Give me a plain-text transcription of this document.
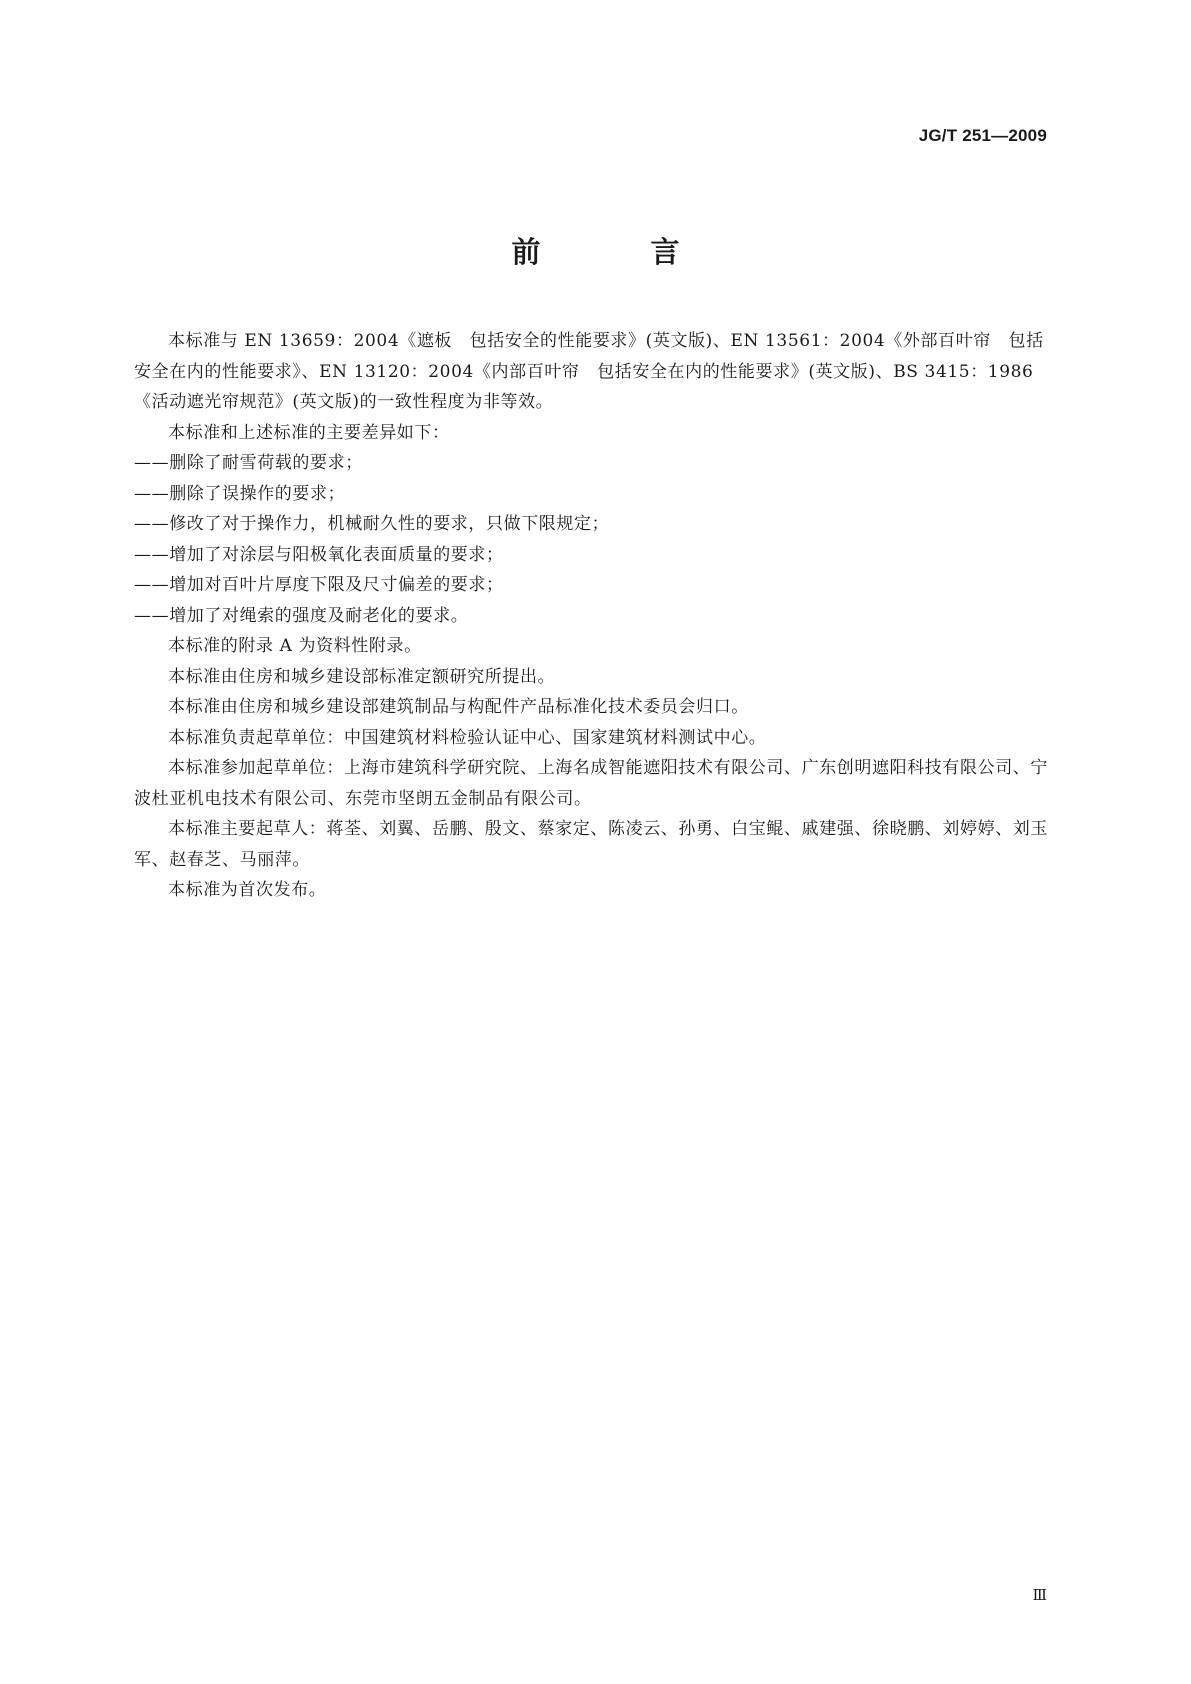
JG/T 251—2009
前 言

本标准与 EN 13659：2004《遮板　包括安全的性能要求》(英文版)、EN 13561：2004《外部百叶帘　包括安全在内的性能要求》、EN 13120：2004《内部百叶帘　包括安全在内的性能要求》(英文版)、BS 3415：1986《活动遮光帘规范》(英文版)的一致性程度为非等效。

本标准和上述标准的主要差异如下：

——删除了耐雪荷载的要求；

——删除了误操作的要求；

——修改了对于操作力，机械耐久性的要求，只做下限规定；

——增加了对涂层与阳极氧化表面质量的要求；

——增加对百叶片厚度下限及尺寸偏差的要求；

——增加了对绳索的强度及耐老化的要求。

本标准的附录 A 为资料性附录。

本标准由住房和城乡建设部标准定额研究所提出。

本标准由住房和城乡建设部建筑制品与构配件产品标准化技术委员会归口。

本标准负责起草单位：中国建筑材料检验认证中心、国家建筑材料测试中心。

本标准参加起草单位：上海市建筑科学研究院、上海名成智能遮阳技术有限公司、广东创明遮阳科技有限公司、宁波杜亚机电技术有限公司、东莞市坚朗五金制品有限公司。

本标准主要起草人：蒋荃、刘翼、岳鹏、殷文、蔡家定、陈凌云、孙勇、白宝鲲、戚建强、徐晓鹏、刘婷婷、刘玉军、赵春芝、马丽萍。

本标准为首次发布。

Ⅲ
